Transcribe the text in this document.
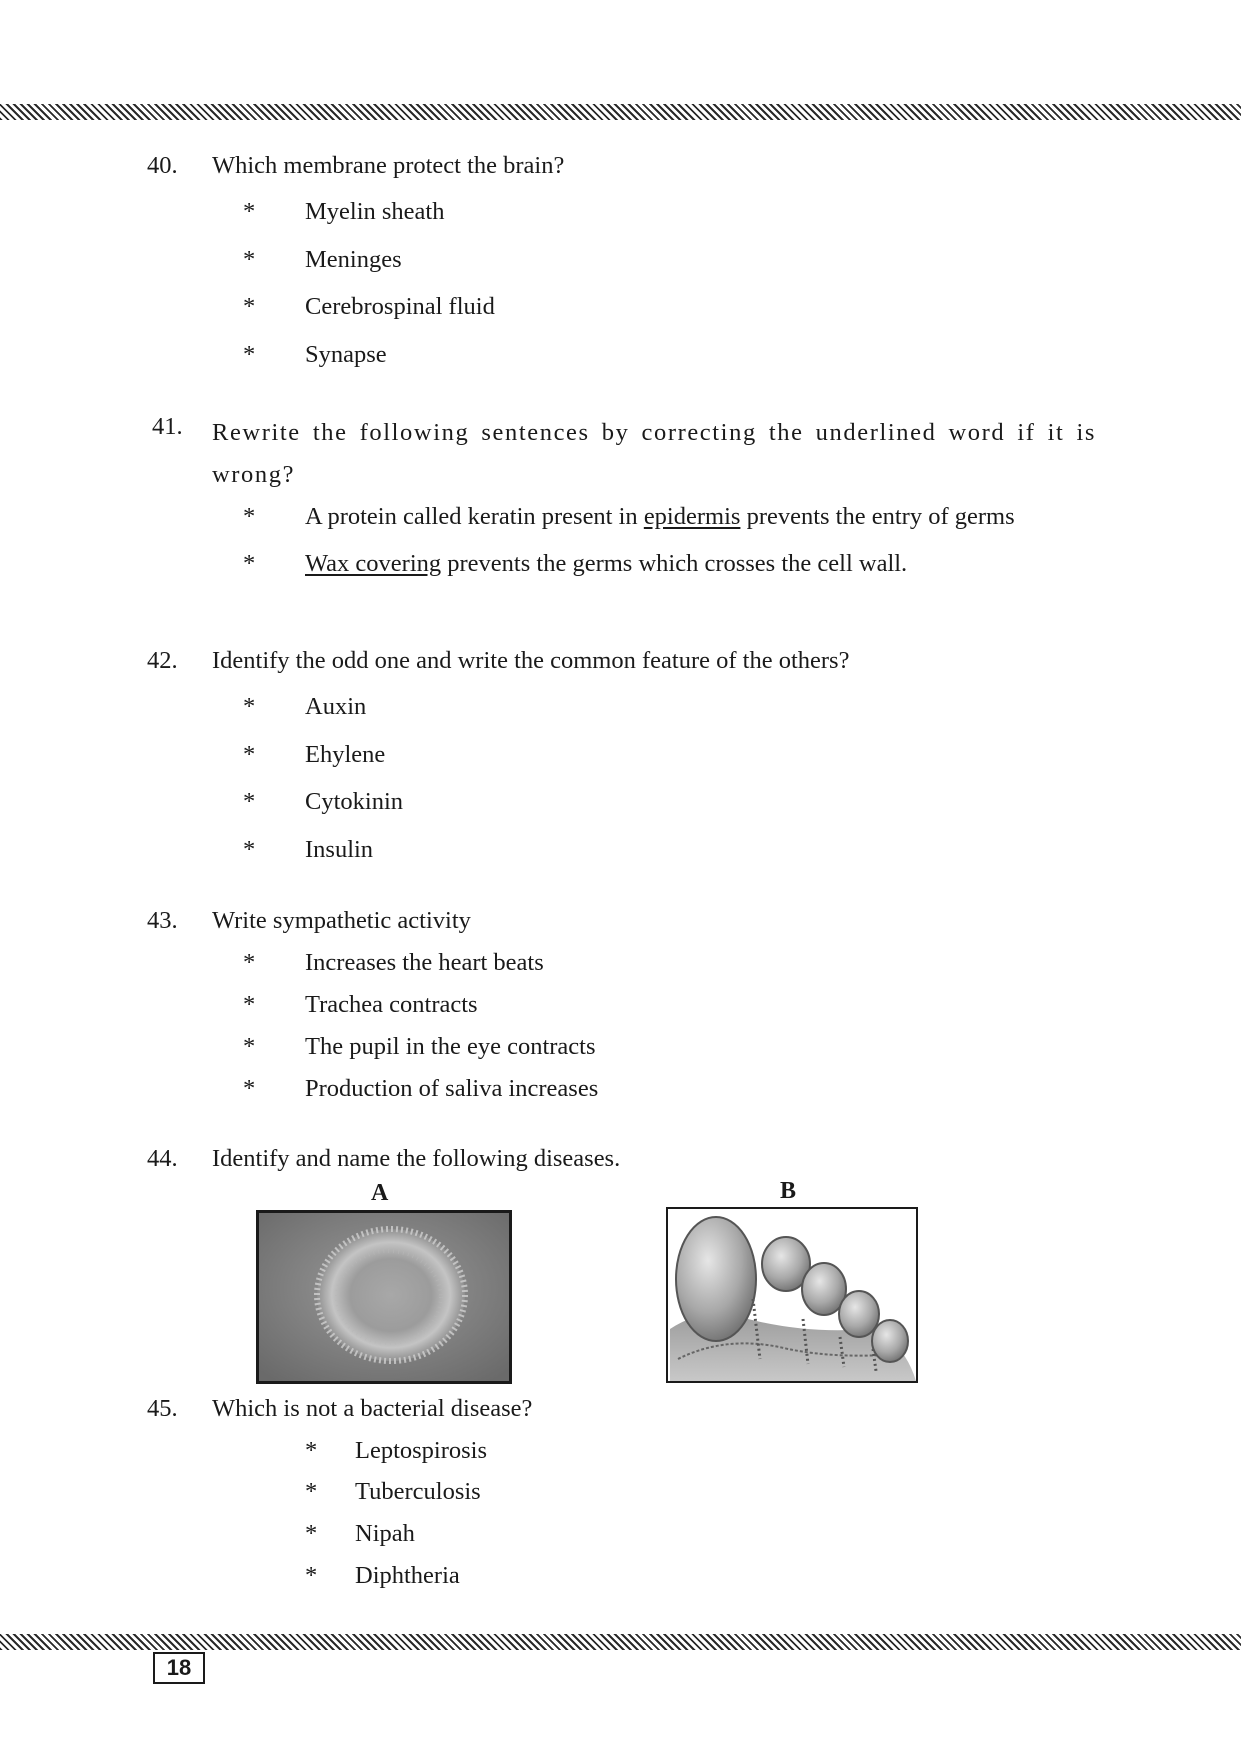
40. Which membrane protect the brain?
* Myelin sheath
* Meninges
* Cerebrospinal fluid
* Synapse
41. Rewrite the following sentences by correcting the underlined word if it is wrong?
* A protein called keratin present in epidermis prevents the entry of germs
* Wax covering prevents the germs which crosses the cell wall.
42. Identify the odd one and write the common feature of the others?
* Auxin
* Ehylene
* Cytokinin
* Insulin
43. Write sympathetic activity
* Increases the heart beats
* Trachea contracts
* The pupil in the eye contracts
* Production of saliva increases
44. Identify and name the following diseases.
A	B
45. Which is not a bacterial disease?
* Leptospirosis
* Tuberculosis
* Nipah
* Diphtheria
18
